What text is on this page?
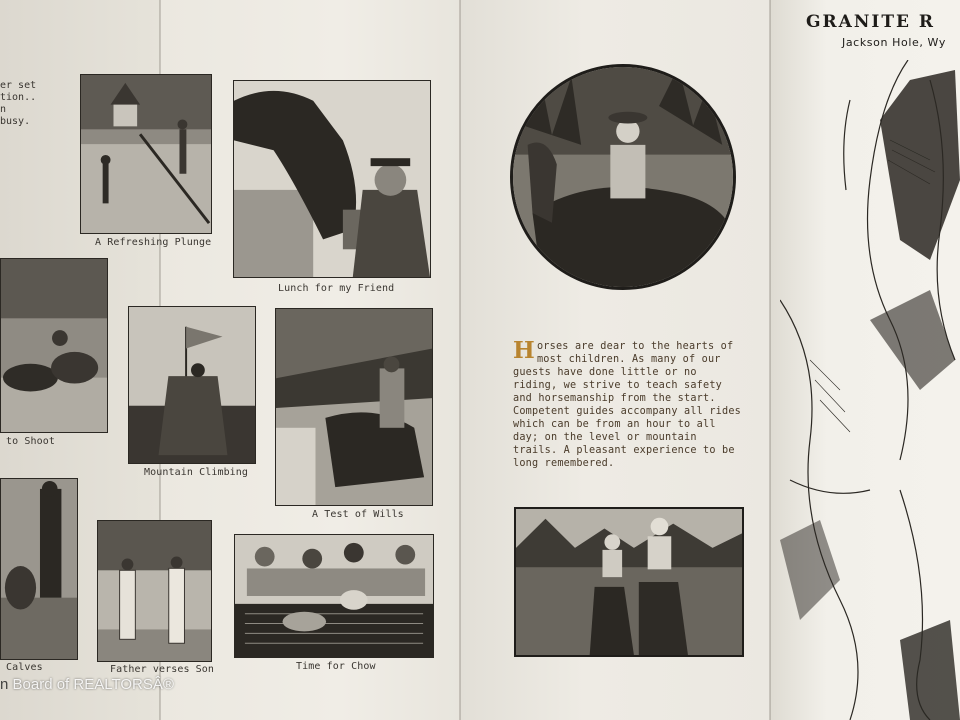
er set
tion..
n busy.
A Refreshing Plunge
Lunch for my Friend
to Shoot
Mountain Climbing
A Test of Wills
Calves	Father verses Son	Time for Chow
Horses are dear to the hearts of most children. As many of our guests have done little or no riding, we strive to teach safety and horsemanship from the start. Competent guides accompany all rides which can be from an hour to all day; on the level or mountain trails. A pleasant experience to be long remembered.
GRANITE R
Jackson Hole, Wy
n Board of REALTORSÂ®
